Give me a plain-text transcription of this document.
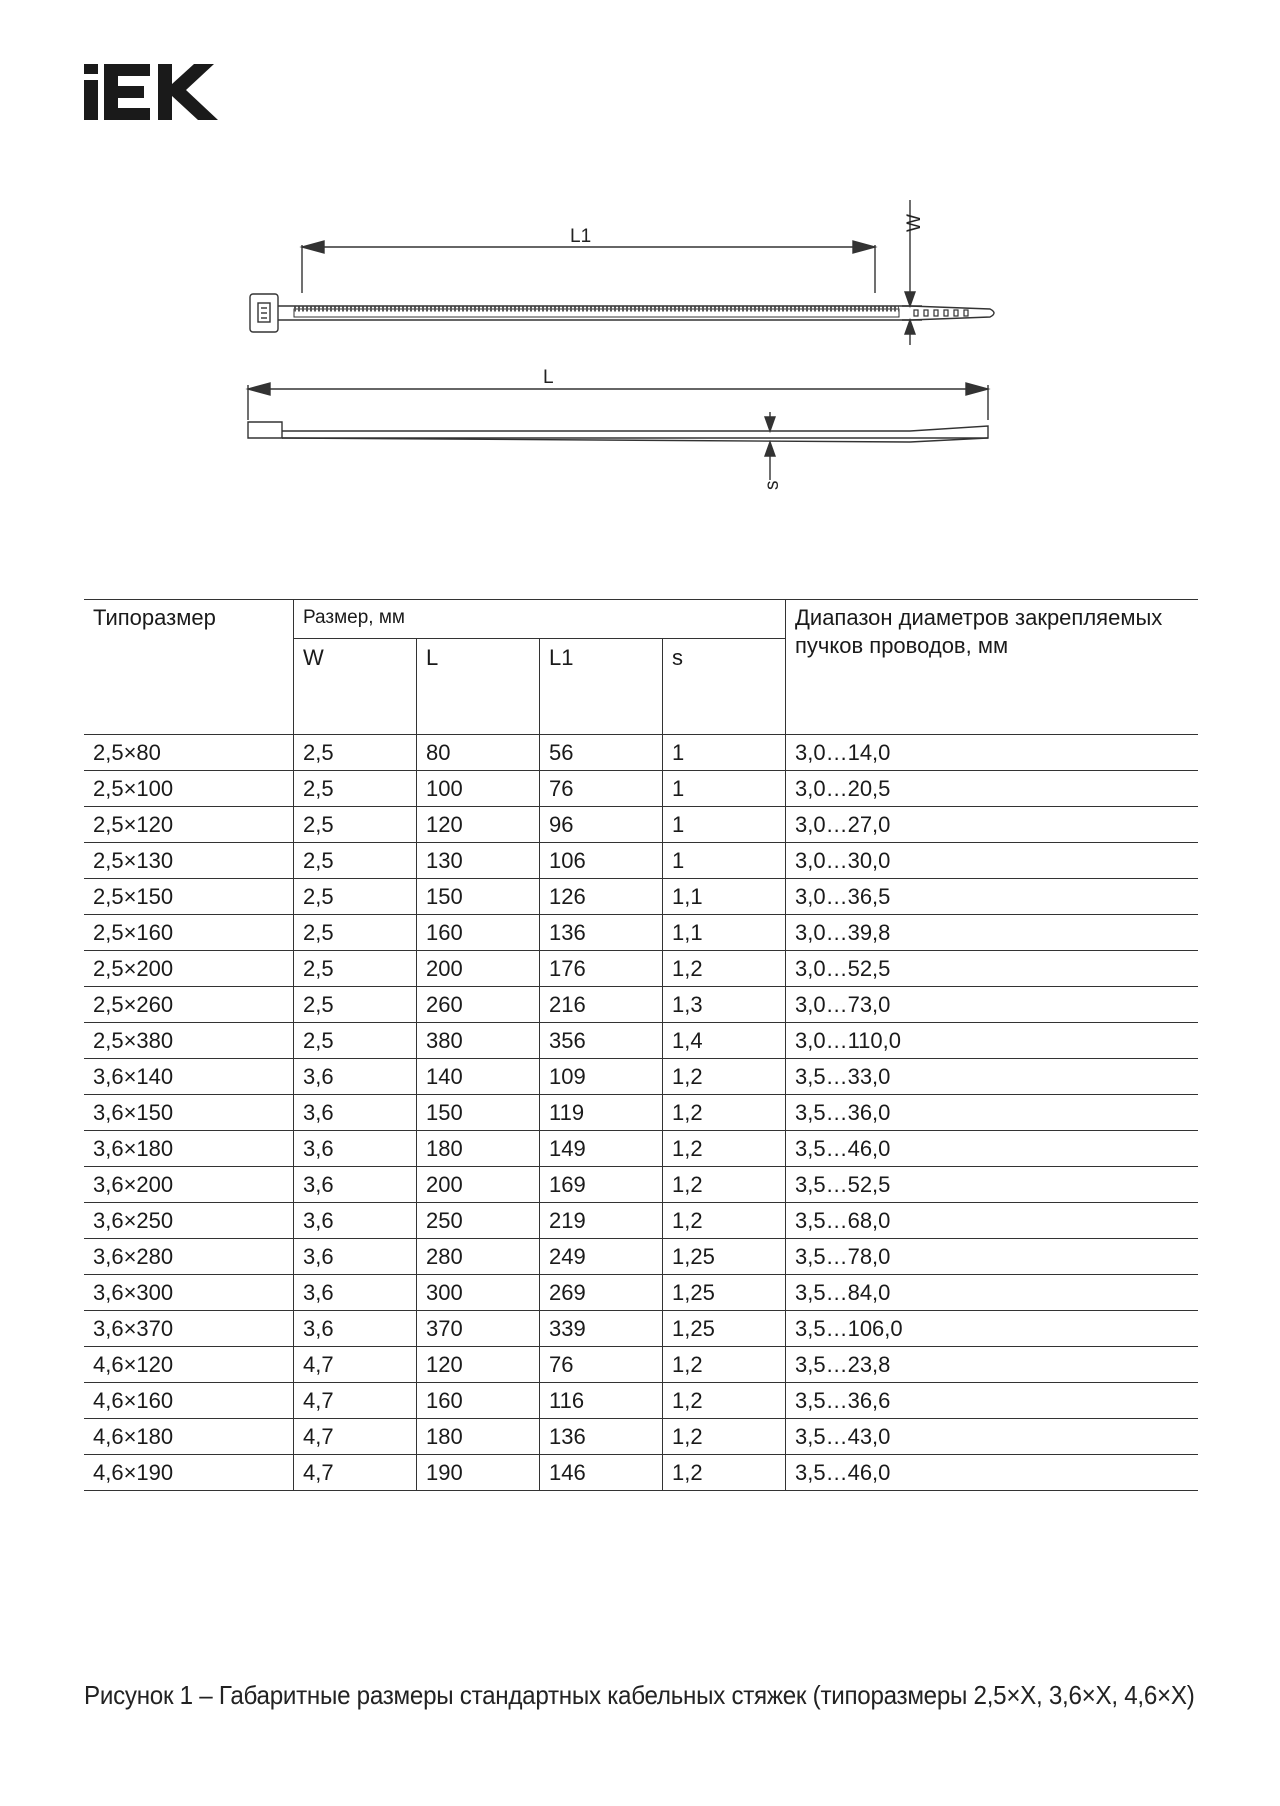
L1
L
W
s
Типоразмер	Размер, мм				Диапазон диаметров закрепляемых пучков проводов, мм
	W	L	L1	s	
2,5×80	2,5	80	56	1	3,0…14,0
2,5×100	2,5	100	76	1	3,0…20,5
2,5×120	2,5	120	96	1	3,0…27,0
2,5×130	2,5	130	106	1	3,0…30,0
2,5×150	2,5	150	126	1,1	3,0…36,5
2,5×160	2,5	160	136	1,1	3,0…39,8
2,5×200	2,5	200	176	1,2	3,0…52,5
2,5×260	2,5	260	216	1,3	3,0…73,0
2,5×380	2,5	380	356	1,4	3,0…110,0
3,6×140	3,6	140	109	1,2	3,5…33,0
3,6×150	3,6	150	119	1,2	3,5…36,0
3,6×180	3,6	180	149	1,2	3,5…46,0
3,6×200	3,6	200	169	1,2	3,5…52,5
3,6×250	3,6	250	219	1,2	3,5…68,0
3,6×280	3,6	280	249	1,25	3,5…78,0
3,6×300	3,6	300	269	1,25	3,5…84,0
3,6×370	3,6	370	339	1,25	3,5…106,0
4,6×120	4,7	120	76	1,2	3,5…23,8
4,6×160	4,7	160	116	1,2	3,5…36,6
4,6×180	4,7	180	136	1,2	3,5…43,0
4,6×190	4,7	190	146	1,2	3,5…46,0
Рисунок 1 – Габаритные размеры стандартных кабельных стяжек (типоразмеры 2,5×X, 3,6×X, 4,6×X)
